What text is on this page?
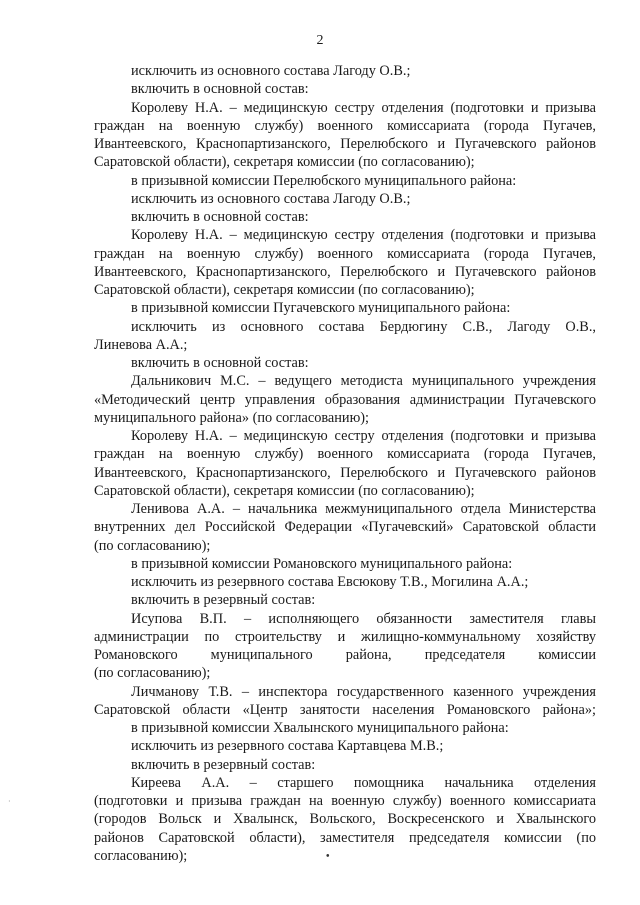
2
исключить из основного состава Лагоду О.В.;
включить в основной состав:
Королеву Н.А. – медицинскую сестру отделения (подготовки и призыва
граждан на военную службу) военного комиссариата (города Пугачев,
Ивантеевского, Краснопартизанского, Перелюбского и Пугачевского районов
Саратовской области), секретаря комиссии (по согласованию);
в призывной комиссии Перелюбского муниципального района:
исключить из основного состава Лагоду О.В.;
включить в основной состав:
Королеву Н.А. – медицинскую сестру отделения (подготовки и призыва
граждан на военную службу) военного комиссариата (города Пугачев,
Ивантеевского, Краснопартизанского, Перелюбского и Пугачевского районов
Саратовской области), секретаря комиссии (по согласованию);
в призывной комиссии Пугачевского муниципального района:
исключить из основного состава Бердюгину С.В., Лагоду О.В.,
Линевова А.А.;
включить в основной состав:
Дальникович М.С. – ведущего методиста муниципального учреждения
«Методический центр управления образования администрации Пугачевского
муниципального района» (по согласованию);
Королеву Н.А. – медицинскую сестру отделения (подготовки и призыва
граждан на военную службу) военного комиссариата (города Пугачев,
Ивантеевского, Краснопартизанского, Перелюбского и Пугачевского районов
Саратовской области), секретаря комиссии (по согласованию);
Ленивова А.А. – начальника межмуниципального отдела Министерства
внутренних дел Российской Федерации «Пугачевский» Саратовской области
(по согласованию);
в призывной комиссии Романовского муниципального района:
исключить из резервного состава Евсюкову Т.В., Могилина А.А.;
включить в резервный состав:
Исупова В.П. – исполняющего обязанности заместителя главы
администрации по строительству и жилищно-коммунальному хозяйству
Романовского муниципального района, председателя комиссии
(по согласованию);
Личманову Т.В. – инспектора государственного казенного учреждения
Саратовской области «Центр занятости населения Романовского района»;
в призывной комиссии Хвалынского муниципального района:
исключить из резервного состава Картавцева М.В.;
включить в резервный состав:
Киреева А.А. – старшего помощника начальника отделения
(подготовки и призыва граждан на военную службу) военного комиссариата
(городов Вольск и Хвалынск, Вольского, Воскресенского и Хвалынского
районов Саратовской области), заместителя председателя комиссии (по
согласованию);	•
·
